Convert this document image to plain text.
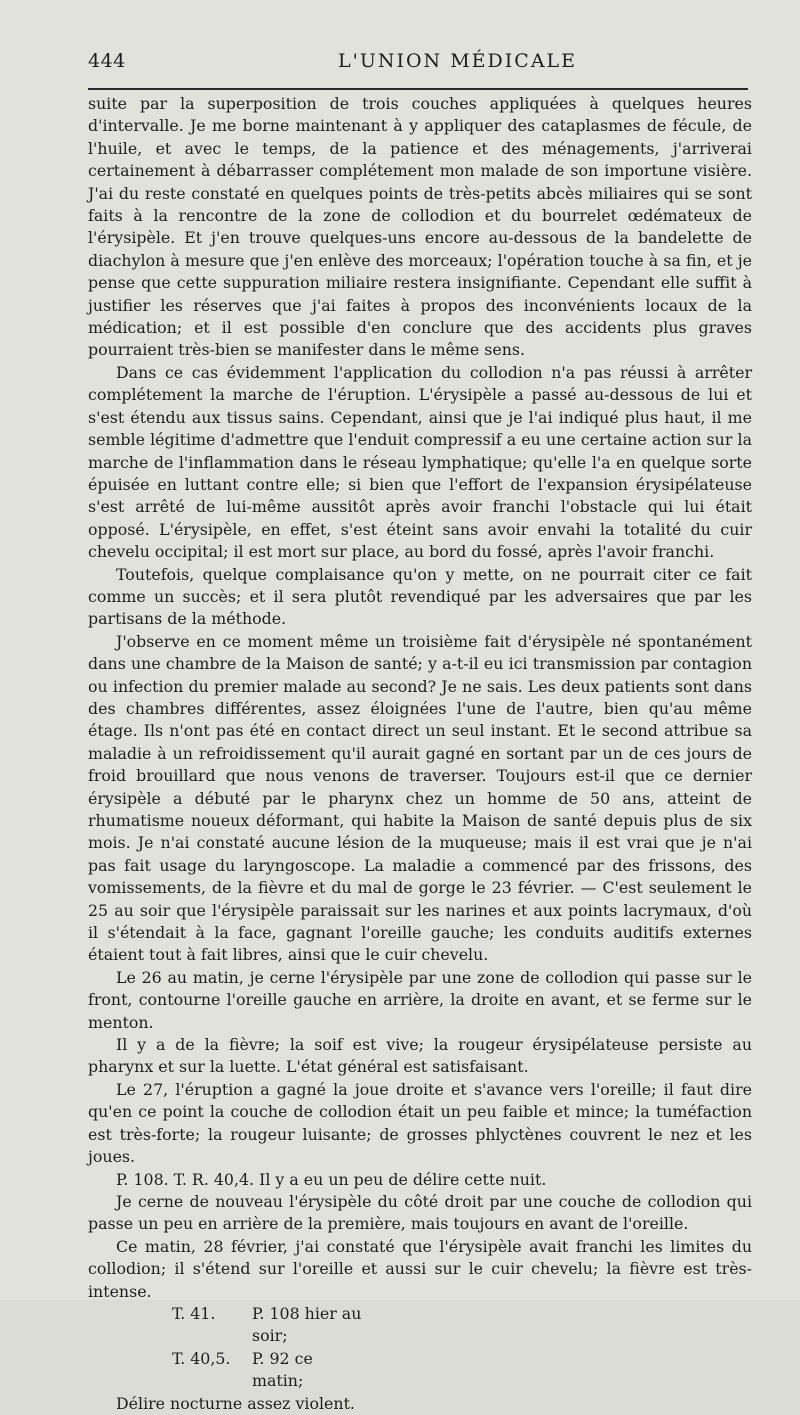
444	L'UNION MÉDICALE

suite par la superposition de trois couches appliquées à quelques heures d'intervalle. Je me borne maintenant à y appliquer des cataplasmes de fécule, de l'huile, et avec le temps, de la patience et des ménagements, j'arriverai certainement à débarrasser complétement mon malade de son importune visière. J'ai du reste constaté en quelques points de très-petits abcès miliaires qui se sont faits à la rencontre de la zone de collodion et du bourrelet œdémateux de l'érysipèle. Et j'en trouve quelques-uns encore au-dessous de la bandelette de diachylon à mesure que j'en enlève des morceaux; l'opération touche à sa fin, et je pense que cette suppuration miliaire restera insignifiante. Cependant elle suffit à justifier les réserves que j'ai faites à propos des inconvénients locaux de la médication; et il est possible d'en conclure que des accidents plus graves pourraient très-bien se manifester dans le même sens.

Dans ce cas évidemment l'application du collodion n'a pas réussi à arrêter complétement la marche de l'éruption. L'érysipèle a passé au-dessous de lui et s'est étendu aux tissus sains. Cependant, ainsi que je l'ai indiqué plus haut, il me semble légitime d'admettre que l'enduit compressif a eu une certaine action sur la marche de l'inflammation dans le réseau lymphatique; qu'elle l'a en quelque sorte épuisée en luttant contre elle; si bien que l'effort de l'expansion érysipélateuse s'est arrêté de lui-même aussitôt après avoir franchi l'obstacle qui lui était opposé. L'érysipèle, en effet, s'est éteint sans avoir envahi la totalité du cuir chevelu occipital; il est mort sur place, au bord du fossé, après l'avoir franchi.

Toutefois, quelque complaisance qu'on y mette, on ne pourrait citer ce fait comme un succès; et il sera plutôt revendiqué par les adversaires que par les partisans de la méthode.

J'observe en ce moment même un troisième fait d'érysipèle né spontanément dans une chambre de la Maison de santé; y a-t-il eu ici transmission par contagion ou infection du premier malade au second? Je ne sais. Les deux patients sont dans des chambres différentes, assez éloignées l'une de l'autre, bien qu'au même étage. Ils n'ont pas été en contact direct un seul instant. Et le second attribue sa maladie à un refroidissement qu'il aurait gagné en sortant par un de ces jours de froid brouillard que nous venons de traverser. Toujours est-il que ce dernier érysipèle a débuté par le pharynx chez un homme de 50 ans, atteint de rhumatisme noueux déformant, qui habite la Maison de santé depuis plus de six mois. Je n'ai constaté aucune lésion de la muqueuse; mais il est vrai que je n'ai pas fait usage du laryngoscope. La maladie a commencé par des frissons, des vomissements, de la fièvre et du mal de gorge le 23 février. — C'est seulement le 25 au soir que l'érysipèle paraissait sur les narines et aux points lacrymaux, d'où il s'étendait à la face, gagnant l'oreille gauche; les conduits auditifs externes étaient tout à fait libres, ainsi que le cuir chevelu.

Le 26 au matin, je cerne l'érysipèle par une zone de collodion qui passe sur le front, contourne l'oreille gauche en arrière, la droite en avant, et se ferme sur le menton.

Il y a de la fièvre; la soif est vive; la rougeur érysipélateuse persiste au pharynx et sur la luette. L'état général est satisfaisant.

Le 27, l'éruption a gagné la joue droite et s'avance vers l'oreille; il faut dire qu'en ce point la couche de collodion était un peu faible et mince; la tuméfaction est très-forte; la rougeur luisante; de grosses phlyctènes couvrent le nez et les joues.

P. 108. T. R. 40,4. Il y a eu un peu de délire cette nuit.

Je cerne de nouveau l'érysipèle du côté droit par une couche de collodion qui passe un peu en arrière de la première, mais toujours en avant de l'oreille.

Ce matin, 28 février, j'ai constaté que l'érysipèle avait franchi les limites du collodion; il s'étend sur l'oreille et aussi sur le cuir chevelu; la fièvre est très-intense.

T. 41.	P. 108 hier au soir;
T. 40,5.	P. 92 ce matin;

Délire nocturne assez violent.
